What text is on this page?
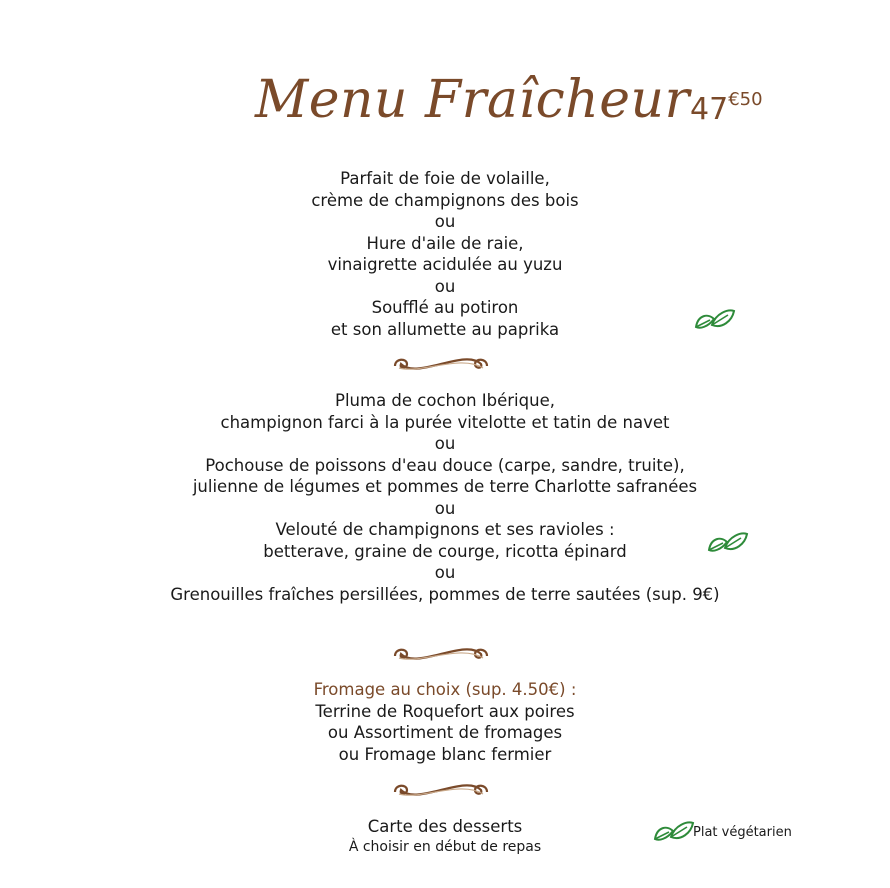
Menu Fraîcheur $47^{€50}$
Parfait de foie de volaille,
crème de champignons des bois
ou
Hure d'aile de raie,
vinaigrette acidulée au yuzu
ou
Soufflé au potiron
et son allumette au paprika
Pluma de cochon Ibérique,
champignon farci à la purée vitelotte et tatin de navet
ou
Pochouse de poissons d'eau douce (carpe, sandre, truite),
julienne de légumes et pommes de terre Charlotte safranées
ou
Velouté de champignons et ses ravioles :
betterave, graine de courge, ricotta épinard
ou
Grenouilles fraîches persillées, pommes de terre sautées (sup. 9€)
Fromage au choix (sup. 4.50€) :
Terrine de Roquefort aux poires
ou Assortiment de fromages
ou Fromage blanc fermier
Carte des desserts
À choisir en début de repas
Plat végétarien
